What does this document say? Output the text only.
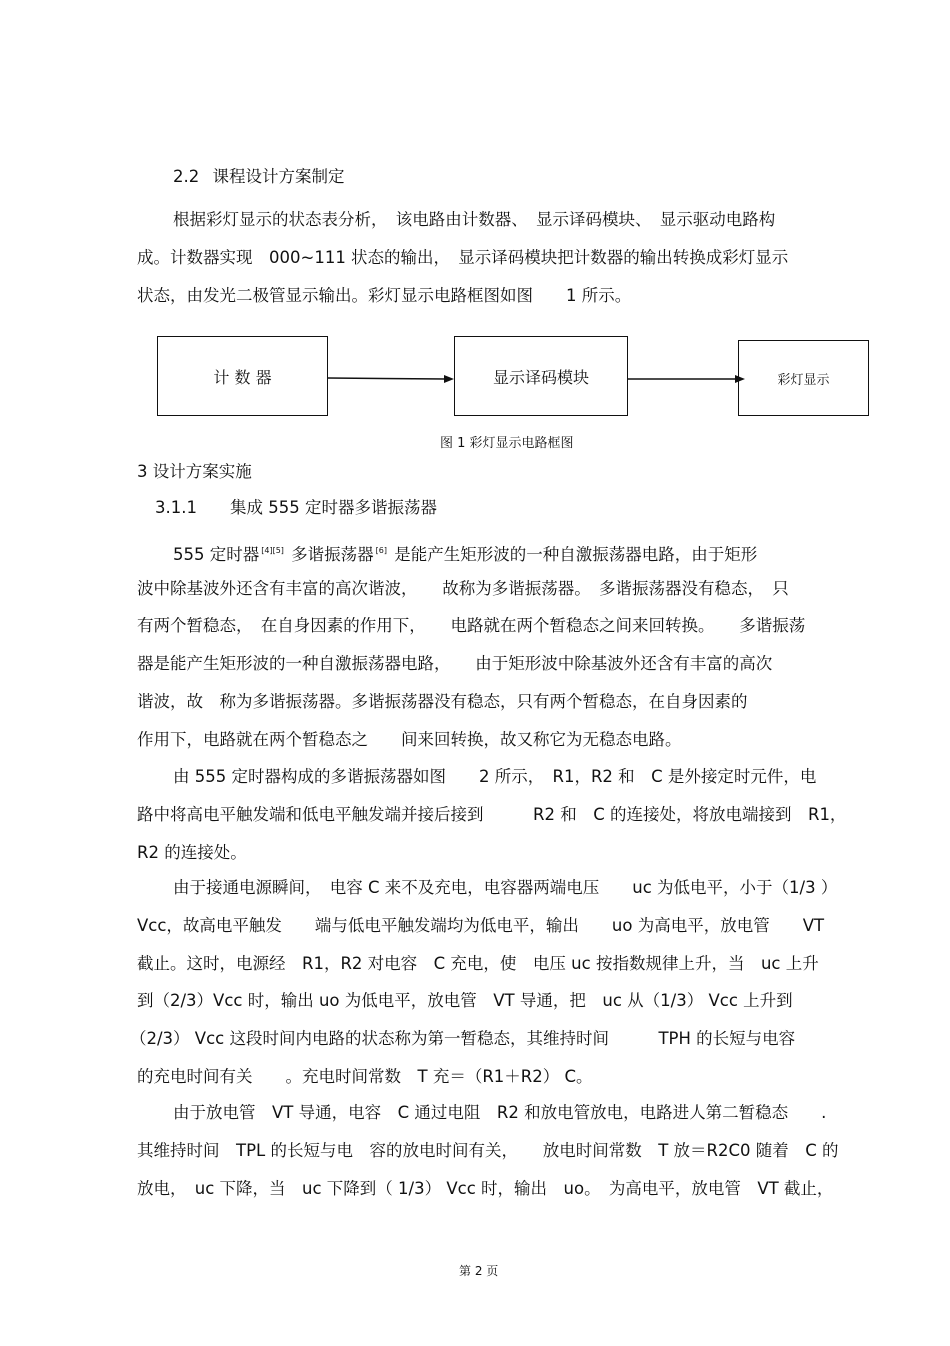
2.2 课程设计方案制定
根据彩灯显示的状态表分析，　该电路由计数器、　显示译码模块、　显示驱动电路构
成。计数器实现　000~111 状态的输出，　显示译码模块把计数器的输出转换成彩灯显示
状态，由发光二极管显示输出。彩灯显示电路框图如图　　1 所示。
计 数 器	显示译码模块	彩灯显示
图 1 彩灯显示电路框图
3 设计方案实施
3.1.1　　集成 555 定时器多谐振荡器
555 定时器 [4][5] 多谐振荡器 [6] 是能产生矩形波的一种自激振荡器电路，由于矩形
波中除基波外还含有丰富的高次谐波，　　故称为多谐振荡器。　多谐振荡器没有稳态，　只
有两个暂稳态，　在自身因素的作用下，　　电路就在两个暂稳态之间来回转换。　　多谐振荡
器是能产生矩形波的一种自激振荡器电路，　　由于矩形波中除基波外还含有丰富的高次
谐波，故　称为多谐振荡器。多谐振荡器没有稳态，只有两个暂稳态，在自身因素的
作用下，电路就在两个暂稳态之　　间来回转换，故又称它为无稳态电路。
由 555 定时器构成的多谐振荡器如图　　2 所示，　R1，R2 和　C 是外接定时元件，电
路中将高电平触发端和低电平触发端并接后接到　　　R2 和　C 的连接处，将放电端接到　R1，
R2 的连接处。
由于接通电源瞬间，　电容 C 来不及充电，电容器两端电压　　uc 为低电平，小于（1/3 ）
Vcc，故高电平触发　　端与低电平触发端均为低电平，输出　　uo 为高电平，放电管　　VT
截止。这时，电源经　R1，R2 对电容　C 充电，使　电压 uc 按指数规律上升，当　uc 上升
到（2/3）Vcc 时，输出 uo 为低电平，放电管　VT 导通，把　uc 从（1/3） Vcc 上升到
（2/3） Vcc 这段时间内电路的状态称为第一暂稳态，其维持时间　　　TPH 的长短与电容
的充电时间有关　　。充电时间常数　T 充＝（R1＋R2） C。
由于放电管　VT 导通，电容　C 通过电阻　R2 和放电管放电，电路进人第二暂稳态　　.
其维持时间　TPL 的长短与电　容的放电时间有关，　　放电时间常数　T 放＝R2C0 随着　C 的
放电，　uc 下降，当　uc 下降到（ 1/3） Vcc 时，输出　uo。　为高电平，放电管　VT 截止，
第 2 页
